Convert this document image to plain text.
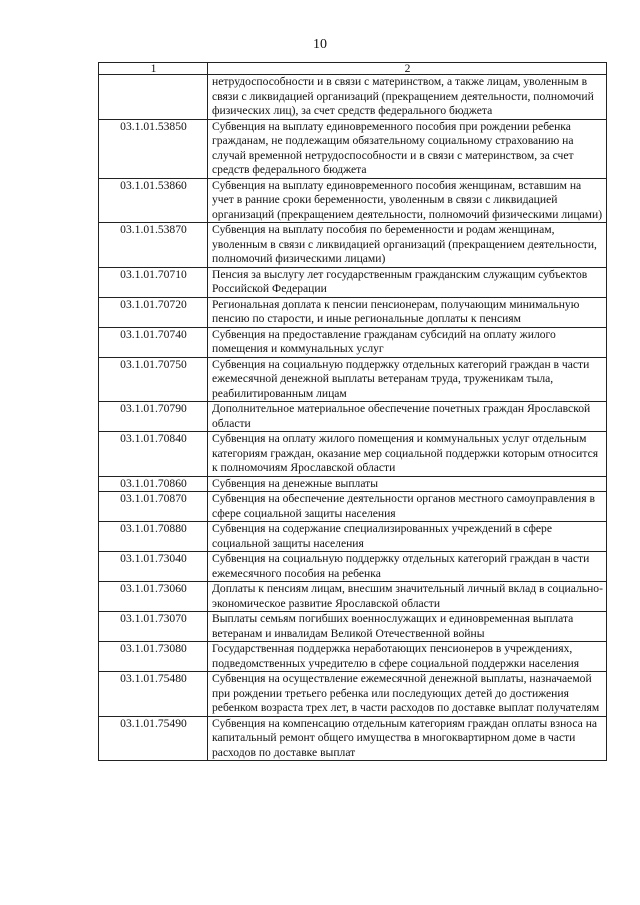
10
1	2
	нетрудоспособности и в связи с материнством, а также лицам, уволенным в связи с ликвидацией организаций (прекращением деятельности, полномочий физических лиц), за счет средств федерального бюджета
03.1.01.53850	Субвенция на выплату единовременного пособия при рождении ребенка гражданам, не подлежащим обязательному социальному страхованию на случай временной нетрудоспособности и в связи с материнством, за счет средств федерального бюджета
03.1.01.53860	Субвенция на выплату единовременного пособия женщинам, вставшим на учет в ранние сроки беременности, уволенным в связи с ликвидацией организаций (прекращением деятельности, полномочий физическими лицами)
03.1.01.53870	Субвенция на выплату пособия по беременности и родам женщинам, уволенным в связи с ликвидацией организаций (прекращением деятельности, полномочий физическими лицами)
03.1.01.70710	Пенсия за выслугу лет государственным гражданским служащим субъектов Российской Федерации
03.1.01.70720	Региональная доплата к пенсии пенсионерам, получающим минимальную пенсию по старости, и иные региональные доплаты к пенсиям
03.1.01.70740	Субвенция на предоставление гражданам субсидий на оплату жилого помещения и коммунальных услуг
03.1.01.70750	Субвенция на социальную поддержку отдельных категорий граждан в части ежемесячной денежной выплаты ветеранам труда, труженикам тыла, реабилитированным лицам
03.1.01.70790	Дополнительное материальное обеспечение почетных граждан Ярославской области
03.1.01.70840	Субвенция на оплату жилого помещения и коммунальных услуг отдельным категориям граждан, оказание мер социальной поддержки которым относится к полномочиям Ярославской области
03.1.01.70860	Субвенция на денежные выплаты
03.1.01.70870	Субвенция на обеспечение деятельности органов местного самоуправления в сфере социальной защиты населения
03.1.01.70880	Субвенция на содержание специализированных учреждений в сфере социальной защиты населения
03.1.01.73040	Субвенция на социальную поддержку отдельных категорий граждан в части ежемесячного пособия на ребенка
03.1.01.73060	Доплаты к пенсиям лицам, внесшим значительный личный вклад в социально-экономическое развитие Ярославской области
03.1.01.73070	Выплаты семьям погибших военнослужащих и единовременная выплата ветеранам и инвалидам Великой Отечественной войны
03.1.01.73080	Государственная поддержка неработающих пенсионеров в учреждениях, подведомственных учредителю в сфере социальной поддержки населения
03.1.01.75480	Субвенция на осуществление ежемесячной денежной выплаты, назначаемой при рождении третьего ребенка или последующих детей до достижения ребенком возраста трех лет, в части расходов по доставке выплат получателям
03.1.01.75490	Субвенция на компенсацию отдельным категориям граждан оплаты взноса на капитальный ремонт общего имущества в многоквартирном доме в части расходов по доставке выплат
